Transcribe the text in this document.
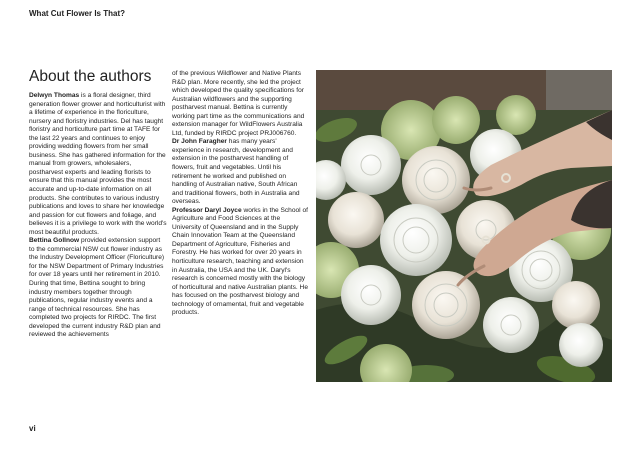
What Cut Flower Is That?
About the authors

Delwyn Thomas is a floral designer, third generation flower grower and horticulturist with a lifetime of experience in the floriculture, nursery and floristry industries. Del has taught floristry and horticulture part time at TAFE for the last 22 years and continues to enjoy providing wedding flowers from her small business. She has gathered information for the manual from growers, wholesalers, postharvest experts and leading florists to ensure that this manual provides the most accurate and up-to-date information on all products. She contributes to various industry publications and loves to share her knowledge and passion for cut flowers and foliage, and believes it is a privilege to work with the world's most beautiful products.

Bettina Gollnow provided extension support to the commercial NSW cut flower industry as the Industry Development Officer (Floriculture) for the NSW Department of Primary Industries for over 18 years until her retirement in 2010. During that time, Bettina sought to bring industry members together through publications, regular industry events and a range of technical resources. She has completed two projects for RIRDC. The first developed the current industry R&D plan and reviewed the achievements

of the previous Wildflower and Native Plants R&D plan. More recently, she led the project which developed the quality specifications for Australian wildflowers and the supporting postharvest manual. Bettina is currently working part time as the communications and extension manager for WildFlowers Australia Ltd, funded by RIRDC project PRJ006760.

Dr John Faragher has many years' experience in research, development and extension in the postharvest handling of flowers, fruit and vegetables. Until his retirement he worked and published on handling of Australian native, South African and traditional flowers, both in Australia and overseas.

Professor Daryl Joyce works in the School of Agriculture and Food Sciences at the University of Queensland and in the Supply Chain Innovation Team at the Queensland Department of Agriculture, Fisheries and Forestry. He has worked for over 20 years in horticulture research, teaching and extension in Australia, the USA and the UK. Daryl's research is concerned mostly with the biology of horticultural and native Australian plants. He has focused on the postharvest biology and technology of ornamental, fruit and vegetable products.

vi
